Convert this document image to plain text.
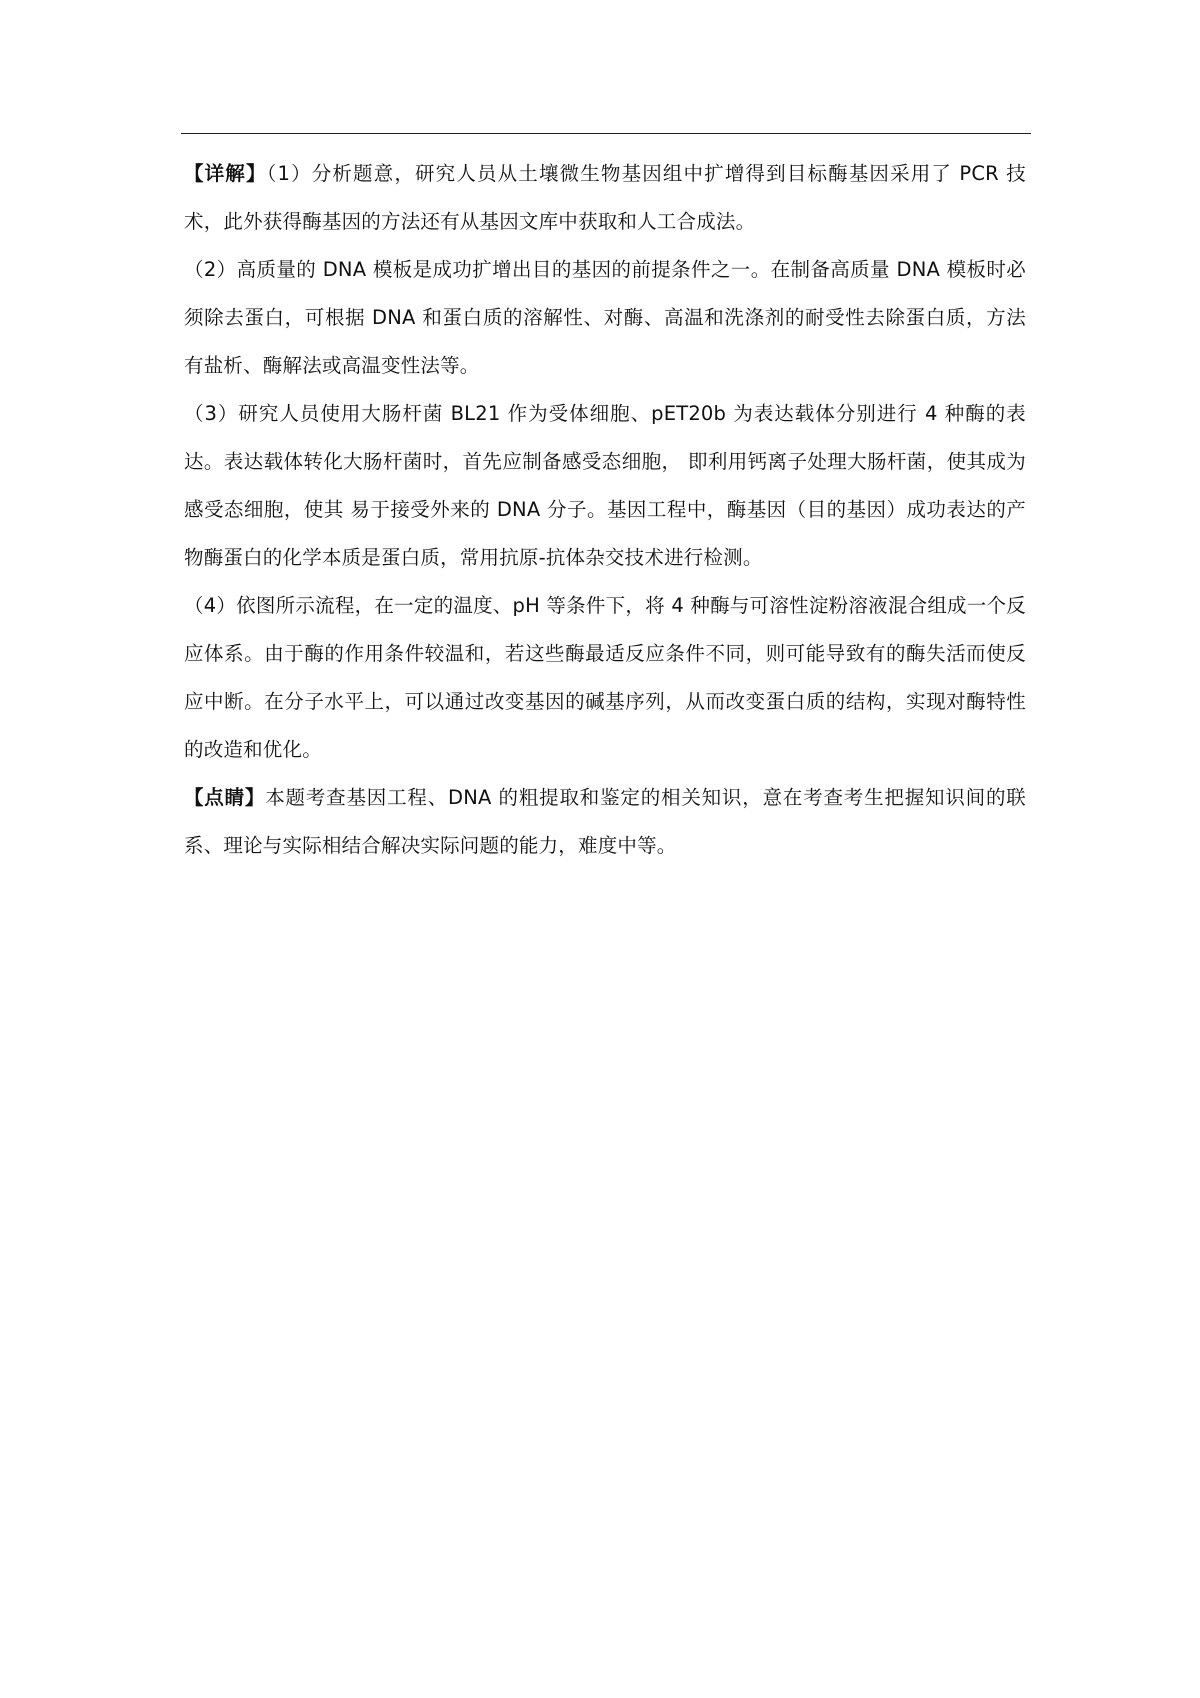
【详解】（1）分析题意，研究人员从土壤微生物基因组中扩增得到目标酶基因采用了 PCR 技术，此外获得酶基因的方法还有从基因文库中获取和人工合成法。

（2）高质量的 DNA 模板是成功扩增出目的基因的前提条件之一。在制备高质量 DNA 模板时必须除去蛋白，可根据 DNA 和蛋白质的溶解性、对酶、高温和洗涤剂的耐受性去除蛋白质，方法有盐析、酶解法或高温变性法等。

（3）研究人员使用大肠杆菌 BL21 作为受体细胞、pET20b 为表达载体分别进行 4 种酶的表达。表达载体转化大肠杆菌时，首先应制备感受态细胞， 即利用钙离子处理大肠杆菌，使其成为感受态细胞，使其 易于接受外来的 DNA 分子。基因工程中，酶基因（目的基因）成功表达的产物酶蛋白的化学本质是蛋白质，常用抗原-抗体杂交技术进行检测。

（4）依图所示流程，在一定的温度、pH 等条件下，将 4 种酶与可溶性淀粉溶液混合组成一个反应体系。由于酶的作用条件较温和，若这些酶最适反应条件不同，则可能导致有的酶失活而使反应中断。在分子水平上，可以通过改变基因的碱基序列，从而改变蛋白质的结构，实现对酶特性的改造和优化。

【点睛】本题考查基因工程、DNA 的粗提取和鉴定的相关知识，意在考查考生把握知识间的联系、理论与实际相结合解决实际问题的能力，难度中等。
